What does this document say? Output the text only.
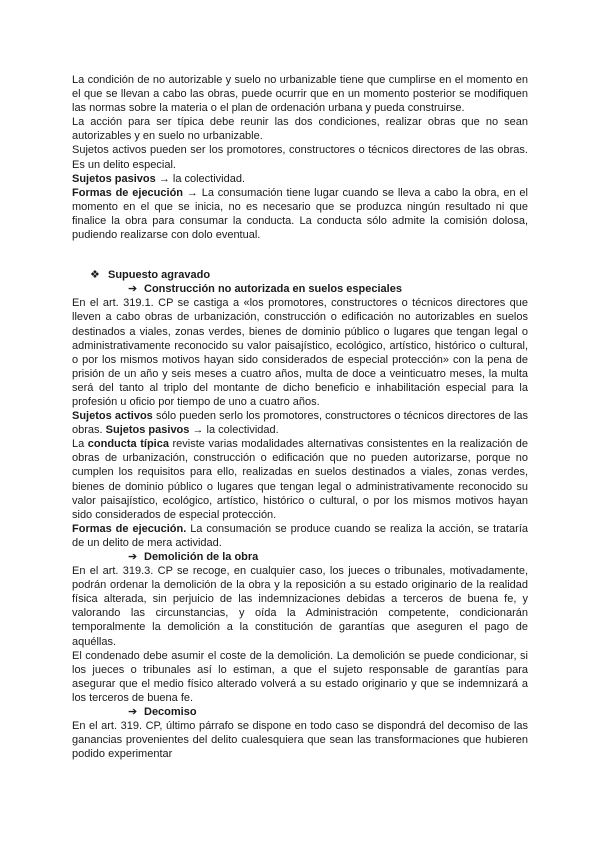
La condición de no autorizable y suelo no urbanizable tiene que cumplirse en el momento en el que se llevan a cabo las obras, puede ocurrir que en un momento posterior se modifiquen las normas sobre la materia o el plan de ordenación urbana y pueda construirse.

La acción para ser típica debe reunir las dos condiciones, realizar obras que no sean autorizables y en suelo no urbanizable.

Sujetos activos pueden ser los promotores, constructores o técnicos directores de las obras. Es un delito especial.

Sujetos pasivos → la colectividad.

Formas de ejecución → La consumación tiene lugar cuando se lleva a cabo la obra, en el momento en el que se inicia, no es necesario que se produzca ningún resultado ni que finalice la obra para consumar la conducta. La conducta sólo admite la comisión dolosa, pudiendo realizarse con dolo eventual.

❖ Supuesto agravado

➔ Construcción no autorizada en suelos especiales

En el art. 319.1. CP se castiga a «los promotores, constructores o técnicos directores que lleven a cabo obras de urbanización, construcción o edificación no autorizables en suelos destinados a viales, zonas verdes, bienes de dominio público o lugares que tengan legal o administrativamente reconocido su valor paisajístico, ecológico, artístico, histórico o cultural, o por los mismos motivos hayan sido considerados de especial protección» con la pena de prisión de un año y seis meses a cuatro años, multa de doce a veinticuatro meses, la multa será del tanto al triplo del montante de dicho beneficio e inhabilitación especial para la profesión u oficio por tiempo de uno a cuatro años.

Sujetos activos sólo pueden serlo los promotores, constructores o técnicos directores de las obras. Sujetos pasivos → la colectividad.

La conducta típica reviste varias modalidades alternativas consistentes en la realización de obras de urbanización, construcción o edificación que no pueden autorizarse, porque no cumplen los requisitos para ello, realizadas en suelos destinados a viales, zonas verdes, bienes de dominio público o lugares que tengan legal o administrativamente reconocido su valor paisajístico, ecológico, artístico, histórico o cultural, o por los mismos motivos hayan sido considerados de especial protección.

Formas de ejecución. La consumación se produce cuando se realiza la acción, se trataría de un delito de mera actividad.

➔ Demolición de la obra

En el art. 319.3. CP se recoge, en cualquier caso, los jueces o tribunales, motivadamente, podrán ordenar la demolición de la obra y la reposición a su estado originario de la realidad física alterada, sin perjuicio de las indemnizaciones debidas a terceros de buena fe, y valorando las circunstancias, y oída la Administración competente, condicionarán temporalmente la demolición a la constitución de garantías que aseguren el pago de aquéllas.

El condenado debe asumir el coste de la demolición. La demolición se puede condicionar, si los jueces o tribunales así lo estiman, a que el sujeto responsable de garantías para asegurar que el medio físico alterado volverá a su estado originario y que se indemnizará a los terceros de buena fe.

➔ Decomiso

En el art. 319. CP, último párrafo se dispone en todo caso se dispondrá del decomiso de las ganancias provenientes del delito cualesquiera que sean las transformaciones que hubieren podido experimentar
